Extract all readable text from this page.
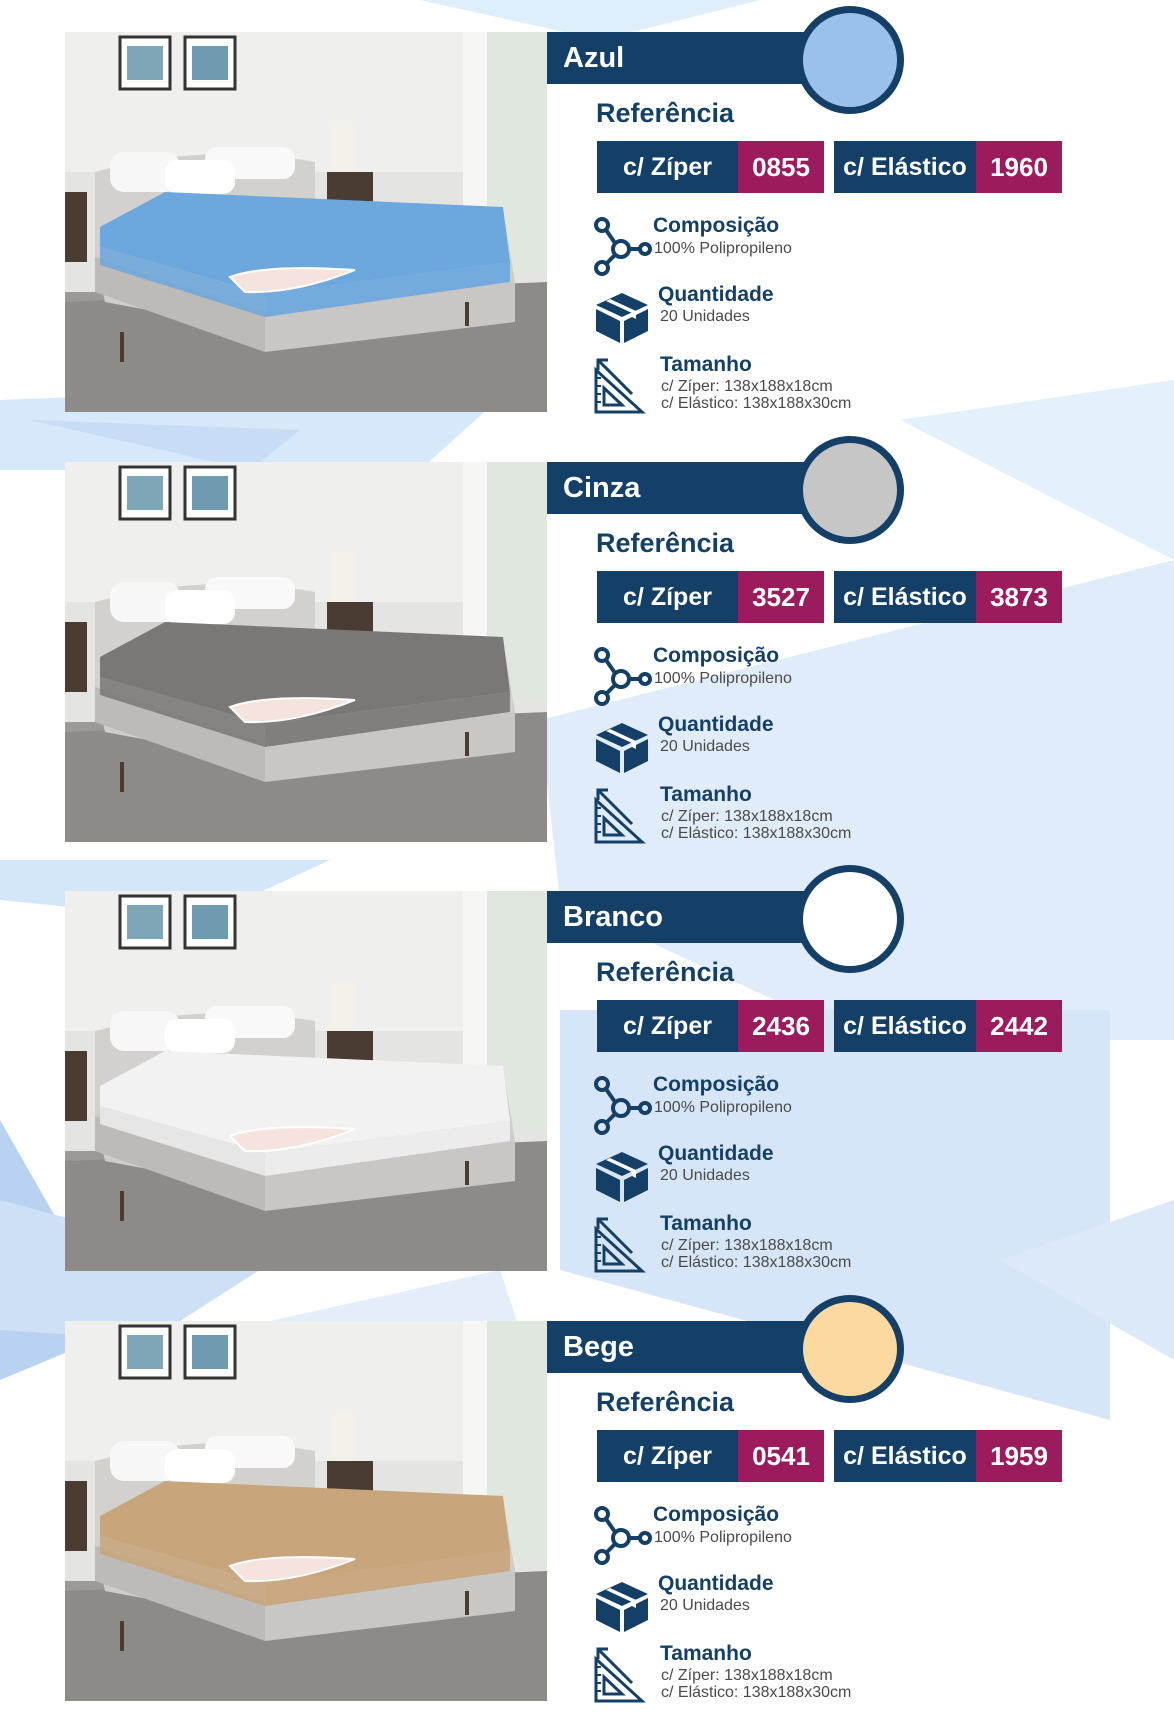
Azul
Referência
c/ Zíper	0855	c/ Elástico 1960
Composição
100% Polipropileno
Quantidade
20 Unidades
Tamanho
c/ Zíper: 138x188x18cm
c/ Elástico: 138x188x30cm
Cinza
Referência
c/ Zíper	3527	c/ Elástico 3873
Composição
100% Polipropileno
Quantidade
20 Unidades
Tamanho
c/ Zíper: 138x188x18cm
c/ Elástico: 138x188x30cm
Branco
Referência
c/ Zíper	2436	c/ Elástico 2442
Composição
100% Polipropileno
Quantidade
20 Unidades
Tamanho
c/ Zíper: 138x188x18cm
c/ Elástico: 138x188x30cm
Bege
Referência
c/ Zíper	0541	c/ Elástico 1959
Composição
100% Polipropileno
Quantidade
20 Unidades
Tamanho
c/ Zíper: 138x188x18cm
c/ Elástico: 138x188x30cm
